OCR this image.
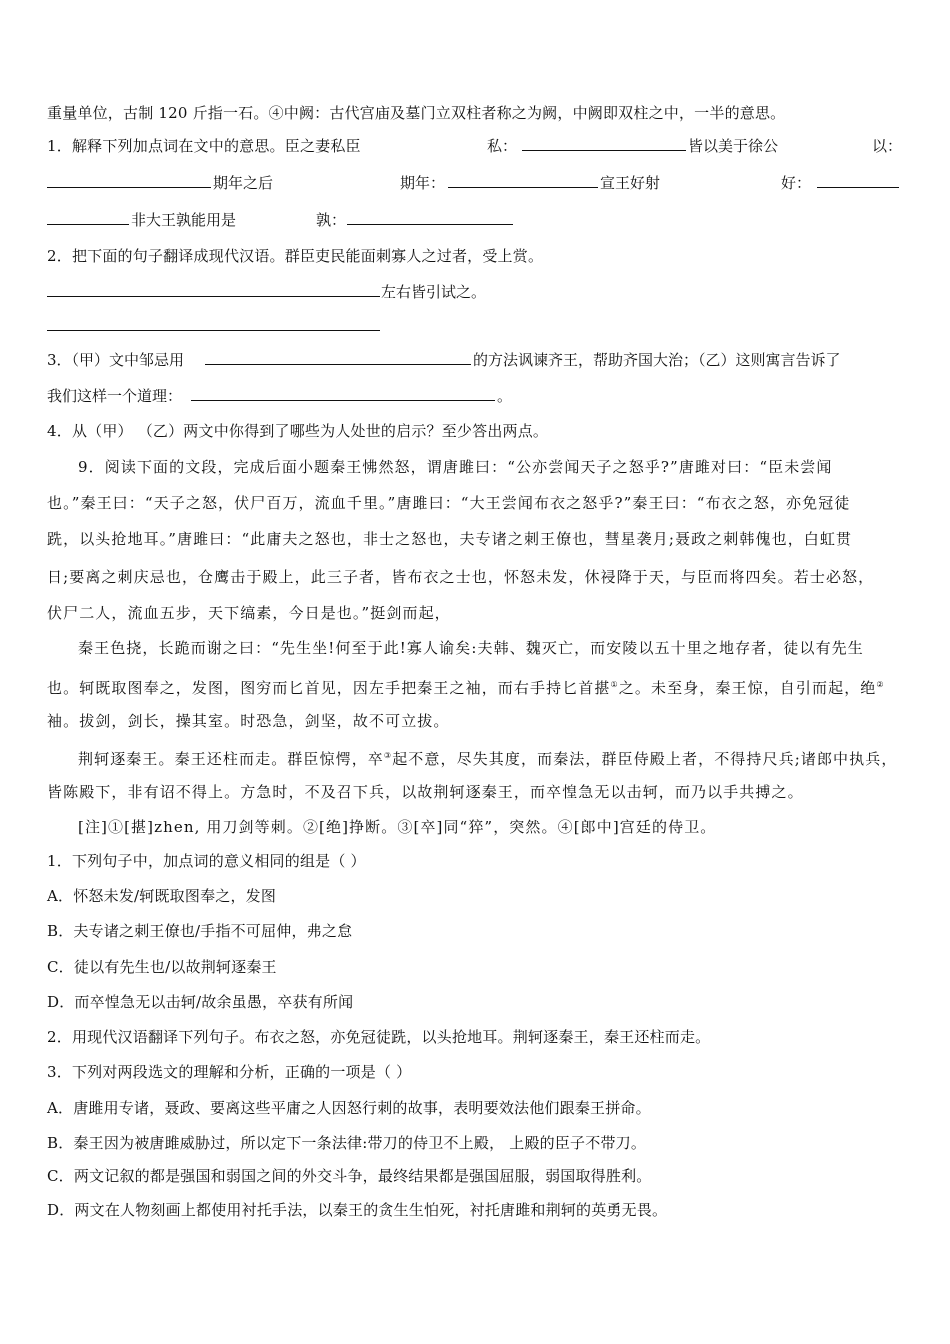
重量单位，古制 120 斤指一石。④中阙：古代宫庙及墓门立双柱者称之为阙，中阙即双柱之中，一半的意思。
1．解释下列加点词在文中的意思。臣之妻私臣	私：	皆以美于徐公	以：
期年之后	期年：	宣王好射	好：
非大王孰能用是	孰：
2．把下面的句子翻译成现代汉语。群臣吏民能面刺寡人之过者，受上赏。
左右皆引试之。
3．（甲）文中邹忌用	的方法讽谏齐王，帮助齐国大治；（乙）这则寓言告诉了
我们这样一个道理：	。
4．从（甲） （乙）两文中你得到了哪些为人处世的启示？至少答出两点。
9．阅读下面的文段，完成后面小题秦王怫然怒，谓唐雎曰：“公亦尝闻天子之怒乎?”唐雎对曰：“臣未尝闻
也。”秦王曰：“天子之怒，伏尸百万，流血千里。”唐雎曰：“大王尝闻布衣之怒乎?”秦王曰：“布衣之怒，亦免冠徒
跣，以头抢地耳。”唐雎曰：“此庸夫之怒也，非士之怒也，夫专诸之刺王僚也，彗星袭月;聂政之刺韩傀也，白虹贯
日;要离之刺庆忌也，仓鹰击于殿上，此三子者，皆布衣之士也，怀怒未发，休祲降于天，与臣而将四矣。若士必怒，
伏尸二人，流血五步，天下缟素，今日是也。”挺剑而起，
秦王色挠，长跪而谢之曰：“先生坐!何至于此!寡人谕矣:夫韩、魏灭亡，而安陵以五十里之地存者，徒以有先生
也。轲既取图奉之，发图，图穷而匕首见，因左手把秦王之袖，而右手持匕首揕①之。未至身，秦王惊，自引而起，绝②
袖。拔剑，剑长，操其室。时恐急，剑坚，故不可立拔。
荆轲逐秦王。秦王还柱而走。群臣惊愕，卒③起不意，尽失其度，而秦法，群臣侍殿上者，不得持尺兵;诸郎中执兵，
皆陈殿下，非有诏不得上。方急时，不及召下兵，以故荆轲逐秦王，而卒惶急无以击轲，而乃以手共搏之。
[注]①[揕]zhen, 用刀剑等刺。②[绝]挣断。③[卒]同“猝”，突然。④[郎中]宫廷的侍卫。
1．下列句子中，加点词的意义相同的组是（ ）
A．怀怒未发/轲既取图奉之，发图
B．夫专诸之刺王僚也/手指不可屈伸，弗之怠
C．徒以有先生也/以故荆轲逐秦王
D．而卒惶急无以击轲/故余虽愚，卒获有所闻
2．用现代汉语翻译下列句子。布衣之怒，亦免冠徒跣，以头抢地耳。荆轲逐秦王，秦王还柱而走。
3．下列对两段选文的理解和分析，正确的一项是（ ）
A．唐雎用专诸，聂政、要离这些平庸之人因怒行刺的故事，表明要效法他们跟秦王拼命。
B．秦王因为被唐雎威胁过，所以定下一条法律:带刀的侍卫不上殿， 上殿的臣子不带刀。
C．两文记叙的都是强国和弱国之间的外交斗争，最终结果都是强国屈服，弱国取得胜利。
D．两文在人物刻画上都使用衬托手法，以秦王的贪生生怕死，衬托唐雎和荆轲的英勇无畏。
